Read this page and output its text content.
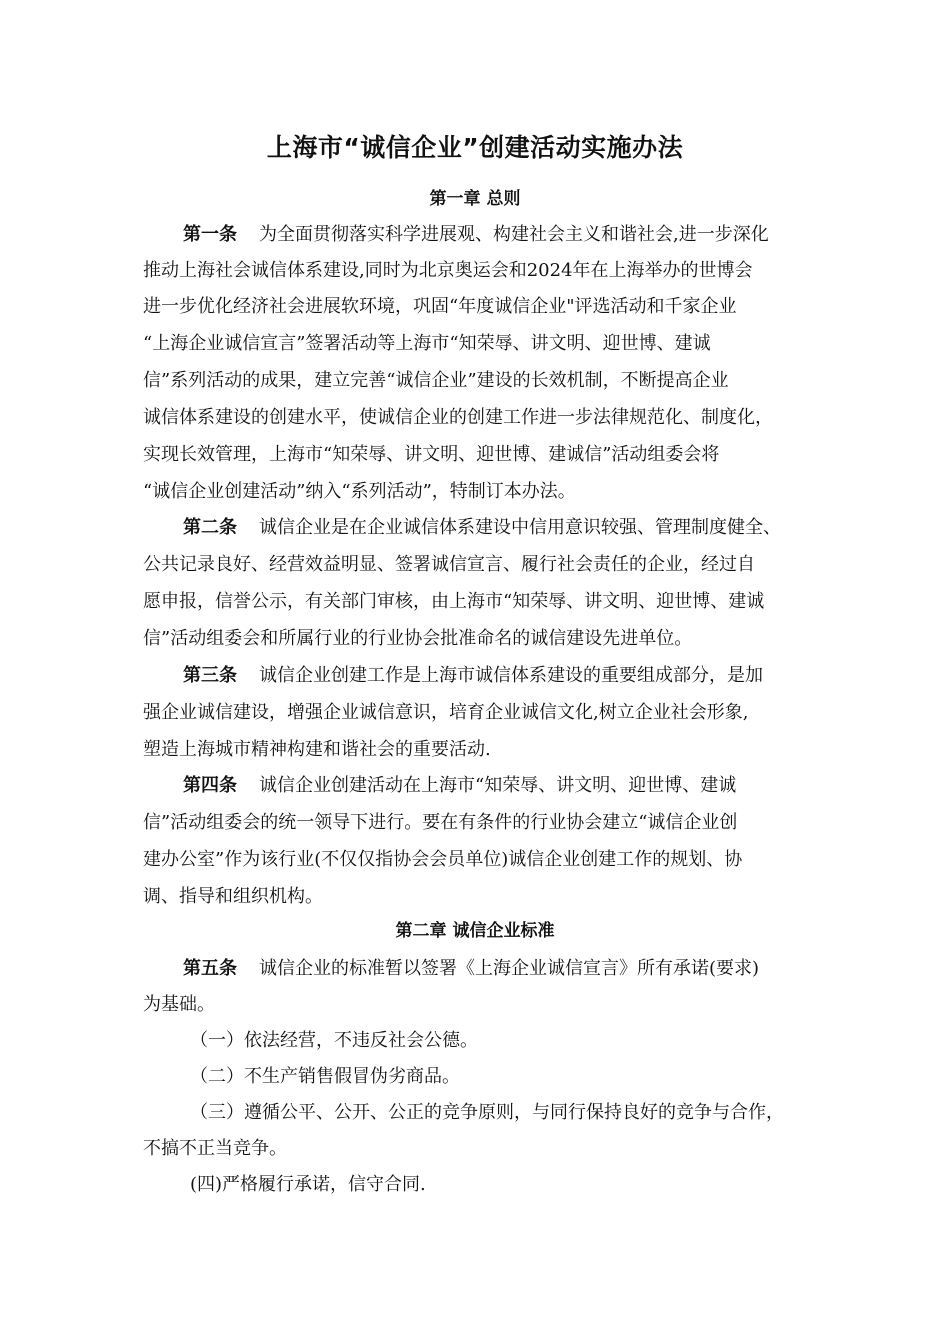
上海市“诚信企业”创建活动实施办法
第一章 总则
第一条 为全面贯彻落实科学进展观、构建社会主义和谐社会,进一步深化
推动上海社会诚信体系建设,同时为北京奥运会和2024年在上海举办的世博会
进一步优化经济社会进展软环境，巩固“年度诚信企业"评选活动和千家企业
“上海企业诚信宣言”签署活动等上海市“知荣辱、讲文明、迎世博、建诚
信”系列活动的成果，建立完善“诚信企业”建设的长效机制，不断提高企业
诚信体系建设的创建水平，使诚信企业的创建工作进一步法律规范化、制度化，
实现长效管理，上海市“知荣辱、讲文明、迎世博、建诚信”活动组委会将
“诚信企业创建活动”纳入“系列活动”，特制订本办法。
第二条 诚信企业是在企业诚信体系建设中信用意识较强、管理制度健全、
公共记录良好、经营效益明显、签署诚信宣言、履行社会责任的企业，经过自
愿申报，信誉公示，有关部门审核，由上海市“知荣辱、讲文明、迎世博、建诚
信”活动组委会和所属行业的行业协会批准命名的诚信建设先进单位。
第三条 诚信企业创建工作是上海市诚信体系建设的重要组成部分，是加
强企业诚信建设，增强企业诚信意识，培育企业诚信文化,树立企业社会形象,
塑造上海城市精神构建和谐社会的重要活动.
第四条 诚信企业创建活动在上海市“知荣辱、讲文明、迎世博、建诚
信”活动组委会的统一领导下进行。要在有条件的行业协会建立“诚信企业创
建办公室”作为该行业(不仅仅指协会会员单位)诚信企业创建工作的规划、协
调、指导和组织机构。
第二章 诚信企业标准
第五条 诚信企业的标准暂以签署《上海企业诚信宣言》所有承诺(要求)
为基础。
（一）依法经营，不违反社会公德。
（二）不生产销售假冒伪劣商品。
（三）遵循公平、公开、公正的竞争原则，与同行保持良好的竞争与合作，
不搞不正当竞争。
(四)严格履行承诺，信守合同.
